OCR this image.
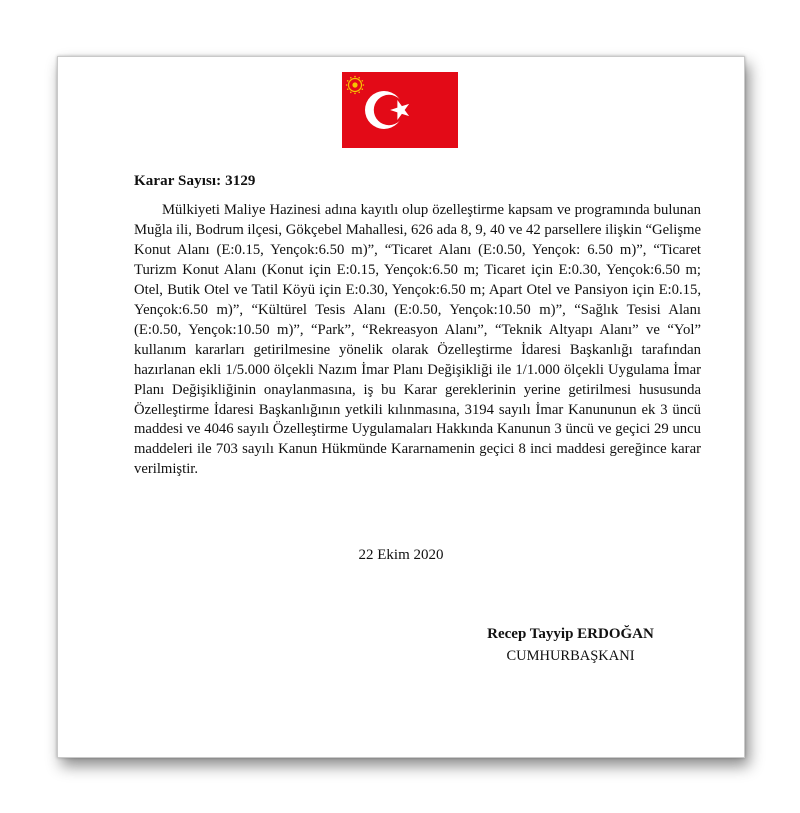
Karar Sayısı: 3129

Mülkiyeti Maliye Hazinesi adına kayıtlı olup özelleştirme kapsam ve programında bulunan Muğla ili, Bodrum ilçesi, Gökçebel Mahallesi, 626 ada 8, 9, 40 ve 42 parsellere ilişkin “Gelişme Konut Alanı (E:0.15, Yençok:6.50 m)”, “Ticaret Alanı (E:0.50, Yençok: 6.50 m)”, “Ticaret Turizm Konut Alanı (Konut için E:0.15, Yençok:6.50 m; Ticaret için E:0.30, Yençok:6.50 m; Otel, Butik Otel ve Tatil Köyü için E:0.30, Yençok:6.50 m; Apart Otel ve Pansiyon için E:0.15, Yençok:6.50 m)”, “Kültürel Tesis Alanı (E:0.50, Yençok:10.50 m)”, “Sağlık Tesisi Alanı (E:0.50, Yençok:10.50 m)”, “Park”, “Rekreasyon Alanı”, “Teknik Altyapı Alanı” ve “Yol” kullanım kararları getirilmesine yönelik olarak Özelleştirme İdaresi Başkanlığı tarafından hazırlanan ekli 1/5.000 ölçekli Nazım İmar Planı Değişikliği ile 1/1.000 ölçekli Uygulama İmar Planı Değişikliğinin onaylanmasına, iş bu Karar gereklerinin yerine getirilmesi hususunda Özelleştirme İdaresi Başkanlığının yetkili kılınmasına, 3194 sayılı İmar Kanununun ek 3 üncü maddesi ve 4046 sayılı Özelleştirme Uygulamaları Hakkında Kanunun 3 üncü ve geçici 29 uncu maddeleri ile 703 sayılı Kanun Hükmünde Kararnamenin geçici 8 inci maddesi gereğince karar verilmiştir.

22 Ekim 2020

Recep Tayyip ERDOĞAN

CUMHURBAŞKANI
